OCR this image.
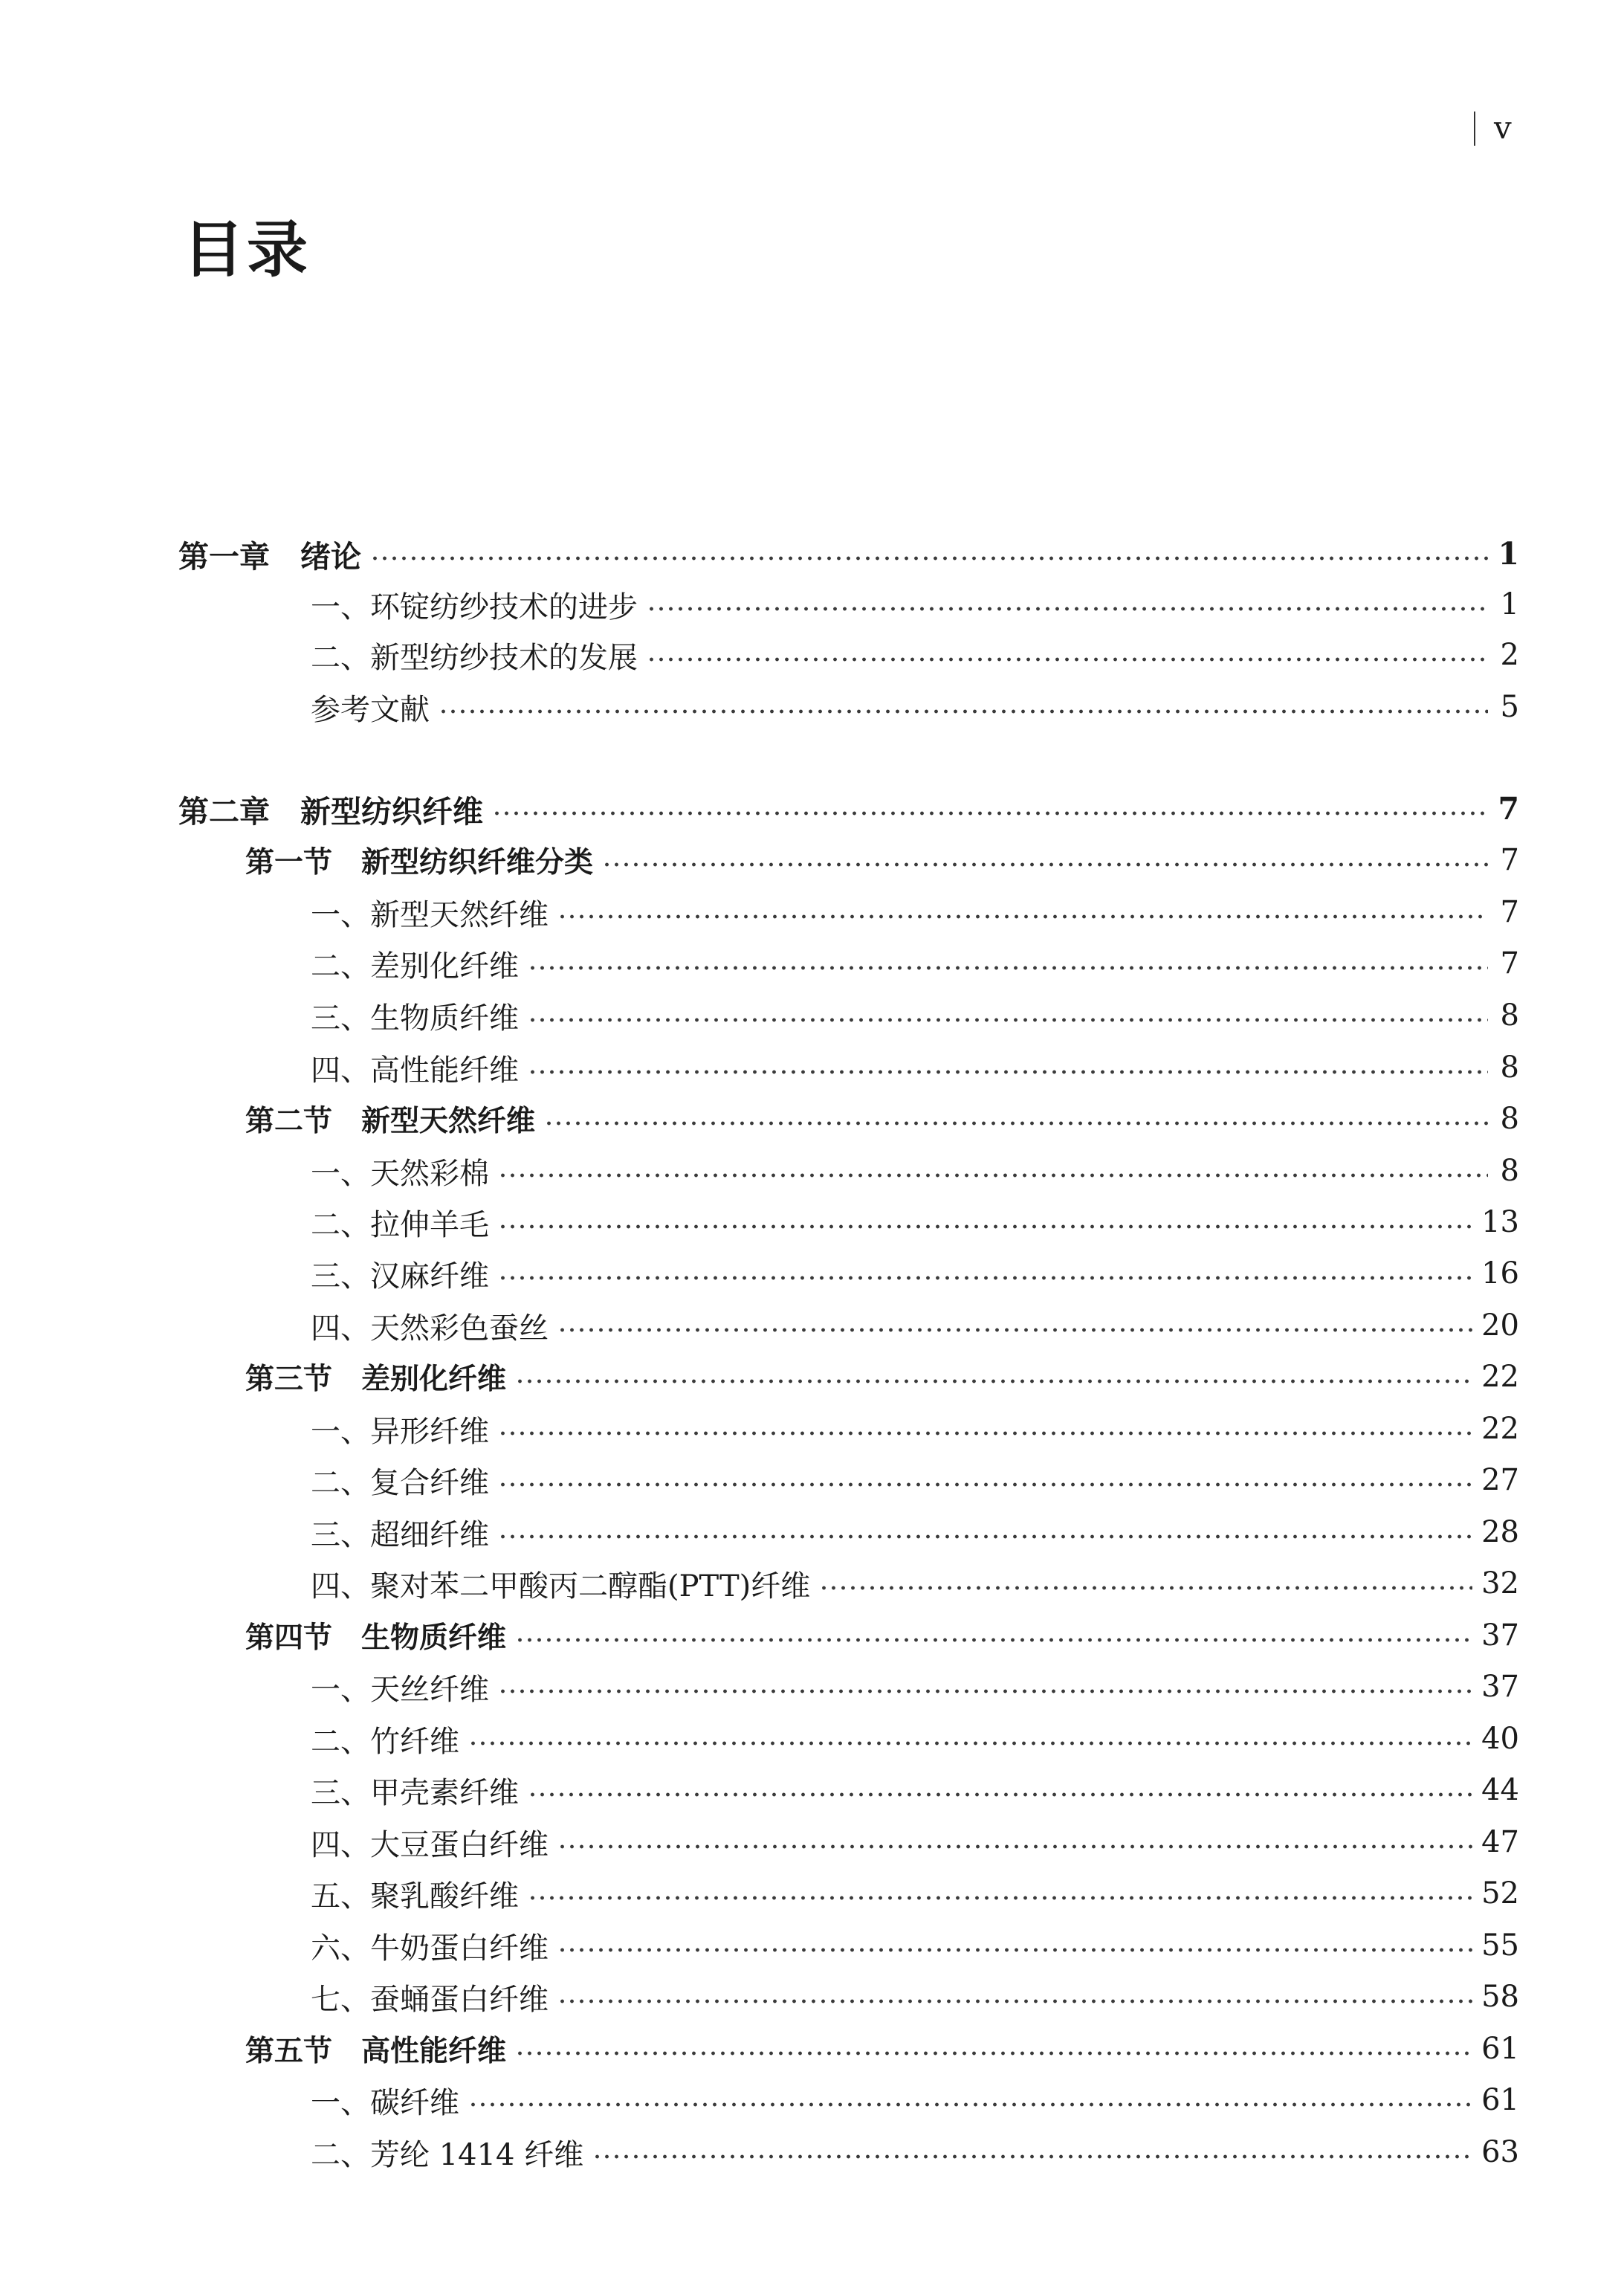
v
目录
第一章　绪论	1
一、环锭纺纱技术的进步	1
二、新型纺纱技术的发展	2
参考文献	5
第二章　新型纺织纤维	7
第一节　新型纺织纤维分类	7
一、新型天然纤维	7
二、差别化纤维	7
三、生物质纤维	8
四、高性能纤维	8
第二节　新型天然纤维	8
一、天然彩棉	8
二、拉伸羊毛	13
三、汉麻纤维	16
四、天然彩色蚕丝	20
第三节　差别化纤维	22
一、异形纤维	22
二、复合纤维	27
三、超细纤维	28
四、聚对苯二甲酸丙二醇酯(PTT)纤维	32
第四节　生物质纤维	37
一、天丝纤维	37
二、竹纤维	40
三、甲壳素纤维	44
四、大豆蛋白纤维	47
五、聚乳酸纤维	52
六、牛奶蛋白纤维	55
七、蚕蛹蛋白纤维	58
第五节　高性能纤维	61
一、碳纤维	61
二、芳纶 1414 纤维	63
